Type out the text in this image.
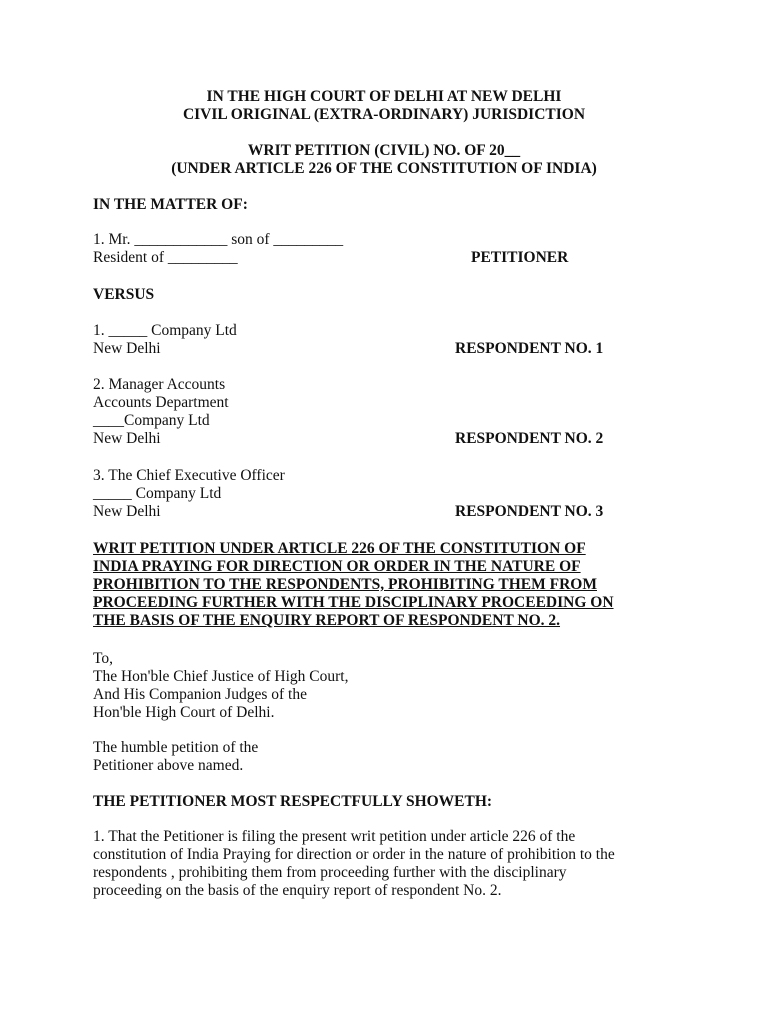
IN THE HIGH COURT OF DELHI AT NEW DELHI
CIVIL ORIGINAL (EXTRA-ORDINARY) JURISDICTION
WRIT PETITION (CIVIL) NO. OF 20__
(UNDER ARTICLE 226 OF THE CONSTITUTION OF INDIA)
IN THE MATTER OF:
1. Mr. ____________ son of _________
Resident of _________	PETITIONER
VERSUS
1. _____ Company Ltd
New Delhi	RESPONDENT NO. 1
2. Manager Accounts
Accounts Department
____Company Ltd
New Delhi	RESPONDENT NO. 2
3. The Chief Executive Officer
_____ Company Ltd
New Delhi	RESPONDENT NO. 3
WRIT PETITION UNDER ARTICLE 226 OF THE CONSTITUTION OF
INDIA PRAYING FOR DIRECTION OR ORDER IN THE NATURE OF
PROHIBITION TO THE RESPONDENTS, PROHIBITING THEM FROM
PROCEEDING FURTHER WITH THE DISCIPLINARY PROCEEDING ON
THE BASIS OF THE ENQUIRY REPORT OF RESPONDENT NO. 2.
To,
The Hon'ble Chief Justice of High Court,
And His Companion Judges of the
Hon'ble High Court of Delhi.
The humble petition of the
Petitioner above named.
THE PETITIONER MOST RESPECTFULLY SHOWETH:
1. That the Petitioner is filing the present writ petition under article 226 of the
constitution of India Praying for direction or order in the nature of prohibition to the
respondents , prohibiting them from proceeding further with the disciplinary
proceeding on the basis of the enquiry report of respondent No. 2.
